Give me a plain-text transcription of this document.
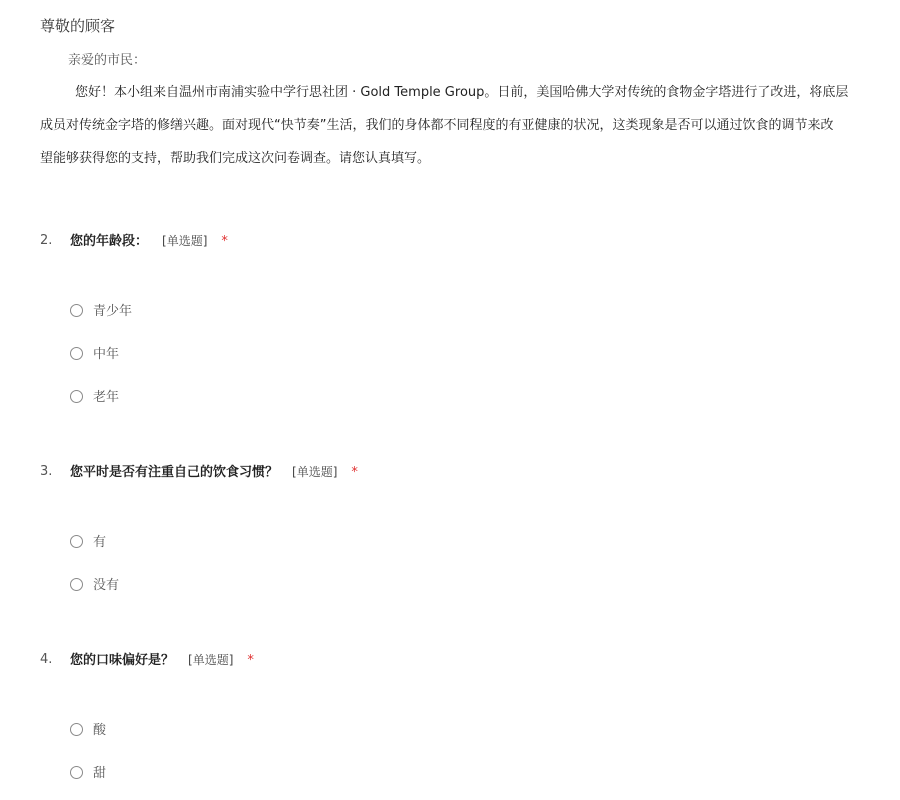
尊敬的顾客
亲爱的市民：
您好！本小组来自温州市南浦实验中学行思社团 · Gold Temple Group。日前，美国哈佛大学对传统的食物金字塔进行了改进，将底层
成员对传统金字塔的修缮兴趣。面对现代“快节奏”生活，我们的身体都不同程度的有亚健康的状况，这类现象是否可以通过饮食的调节来改
望能够获得您的支持，帮助我们完成这次问卷调查。请您认真填写。
2. 您的年龄段： [单选题] *
青少年
中年
老年
3. 您平时是否有注重自己的饮食习惯？ [单选题] *
有
没有
4. 您的口味偏好是？ [单选题] *
酸
甜
